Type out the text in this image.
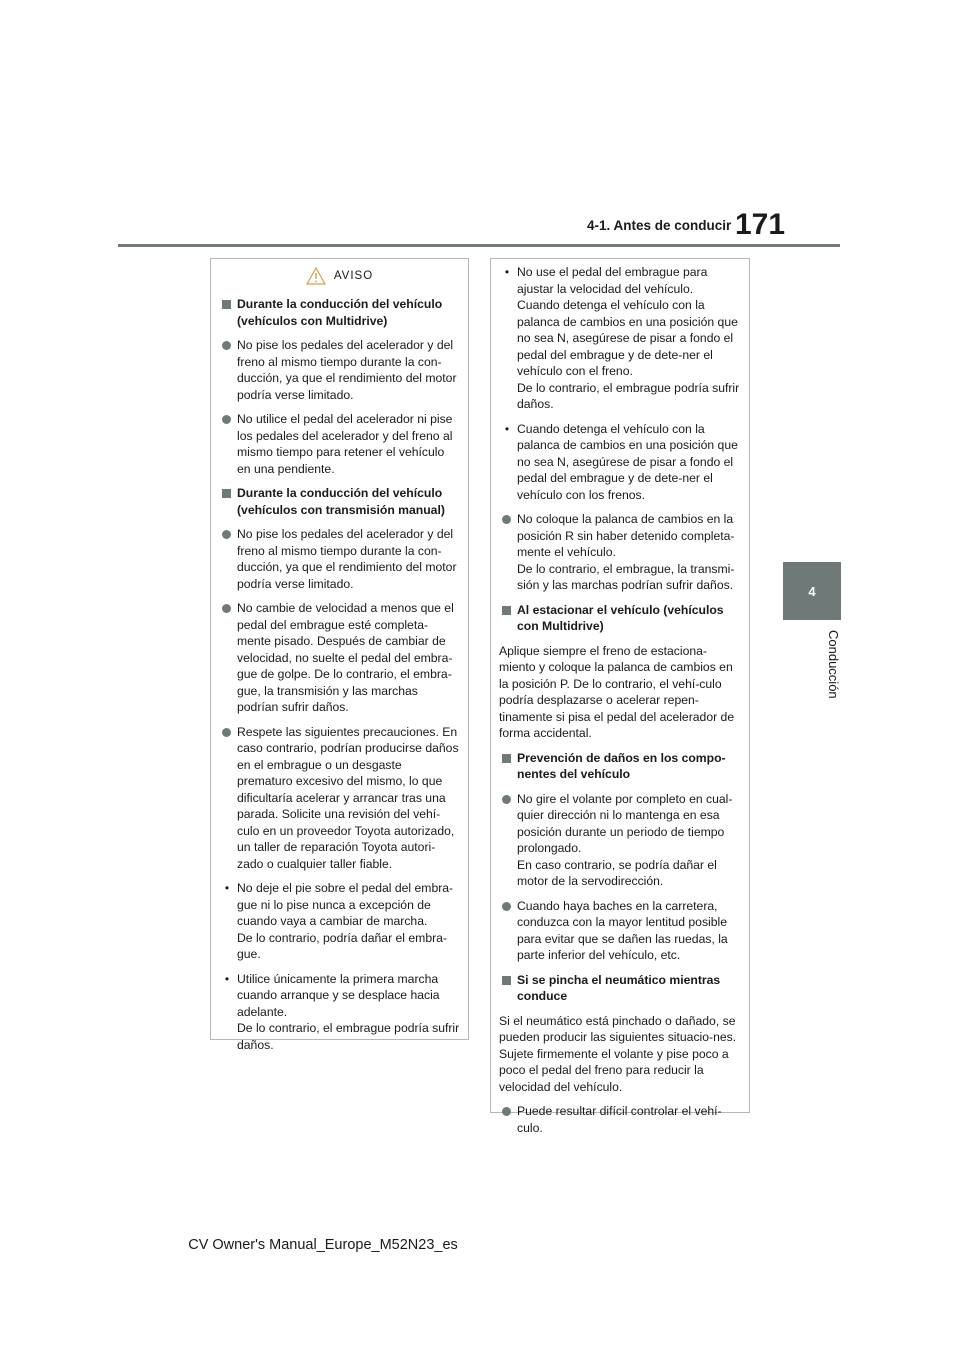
4-1. Antes de conducir 171
4
Conducción
AVISO
Durante la conducción del vehículo (vehículos con Multidrive)
No pise los pedales del acelerador y del freno al mismo tiempo durante la con-ducción, ya que el rendimiento del motor podría verse limitado.
No utilice el pedal del acelerador ni pise los pedales del acelerador y del freno al mismo tiempo para retener el vehículo en una pendiente.
Durante la conducción del vehículo (vehículos con transmisión manual)
No pise los pedales del acelerador y del freno al mismo tiempo durante la con-ducción, ya que el rendimiento del motor podría verse limitado.
No cambie de velocidad a menos que el pedal del embrague esté completa-mente pisado. Después de cambiar de velocidad, no suelte el pedal del embra-gue de golpe. De lo contrario, el embra-gue, la transmisión y las marchas podrían sufrir daños.
Respete las siguientes precauciones. En caso contrario, podrían producirse daños en el embrague o un desgaste prematuro excesivo del mismo, lo que dificultaría acelerar y arrancar tras una parada. Solicite una revisión del vehí-culo en un proveedor Toyota autorizado, un taller de reparación Toyota autori-zado o cualquier taller fiable.
• No deje el pie sobre el pedal del embra-gue ni lo pise nunca a excepción de cuando vaya a cambiar de marcha.
De lo contrario, podría dañar el embra-gue.
• Utilice únicamente la primera marcha cuando arranque y se desplace hacia adelante.
De lo contrario, el embrague podría sufrir daños.
• No use el pedal del embrague para ajustar la velocidad del vehículo.
Cuando detenga el vehículo con la palanca de cambios en una posición que no sea N, asegúrese de pisar a fondo el pedal del embrague y de dete-ner el vehículo con el freno.
De lo contrario, el embrague podría sufrir daños.
• Cuando detenga el vehículo con la palanca de cambios en una posición que no sea N, asegúrese de pisar a fondo el pedal del embrague y de dete-ner el vehículo con los frenos.
No coloque la palanca de cambios en la posición R sin haber detenido completa-mente el vehículo.
De lo contrario, el embrague, la transmi-sión y las marchas podrían sufrir daños.
Al estacionar el vehículo (vehículos con Multidrive)
Aplique siempre el freno de estaciona-miento y coloque la palanca de cambios en la posición P. De lo contrario, el vehí-culo podría desplazarse o acelerar repen-tinamente si pisa el pedal del acelerador de forma accidental.
Prevención de daños en los compo-nentes del vehículo
No gire el volante por completo en cual-quier dirección ni lo mantenga en esa posición durante un periodo de tiempo prolongado.
En caso contrario, se podría dañar el motor de la servodirección.
Cuando haya baches en la carretera, conduzca con la mayor lentitud posible para evitar que se dañen las ruedas, la parte inferior del vehículo, etc.
Si se pincha el neumático mientras conduce
Si el neumático está pinchado o dañado, se pueden producir las siguientes situacio-nes. Sujete firmemente el volante y pise poco a poco el pedal del freno para reducir la velocidad del vehículo.
Puede resultar difícil controlar el vehí-culo.
CV Owner's Manual_Europe_M52N23_es
